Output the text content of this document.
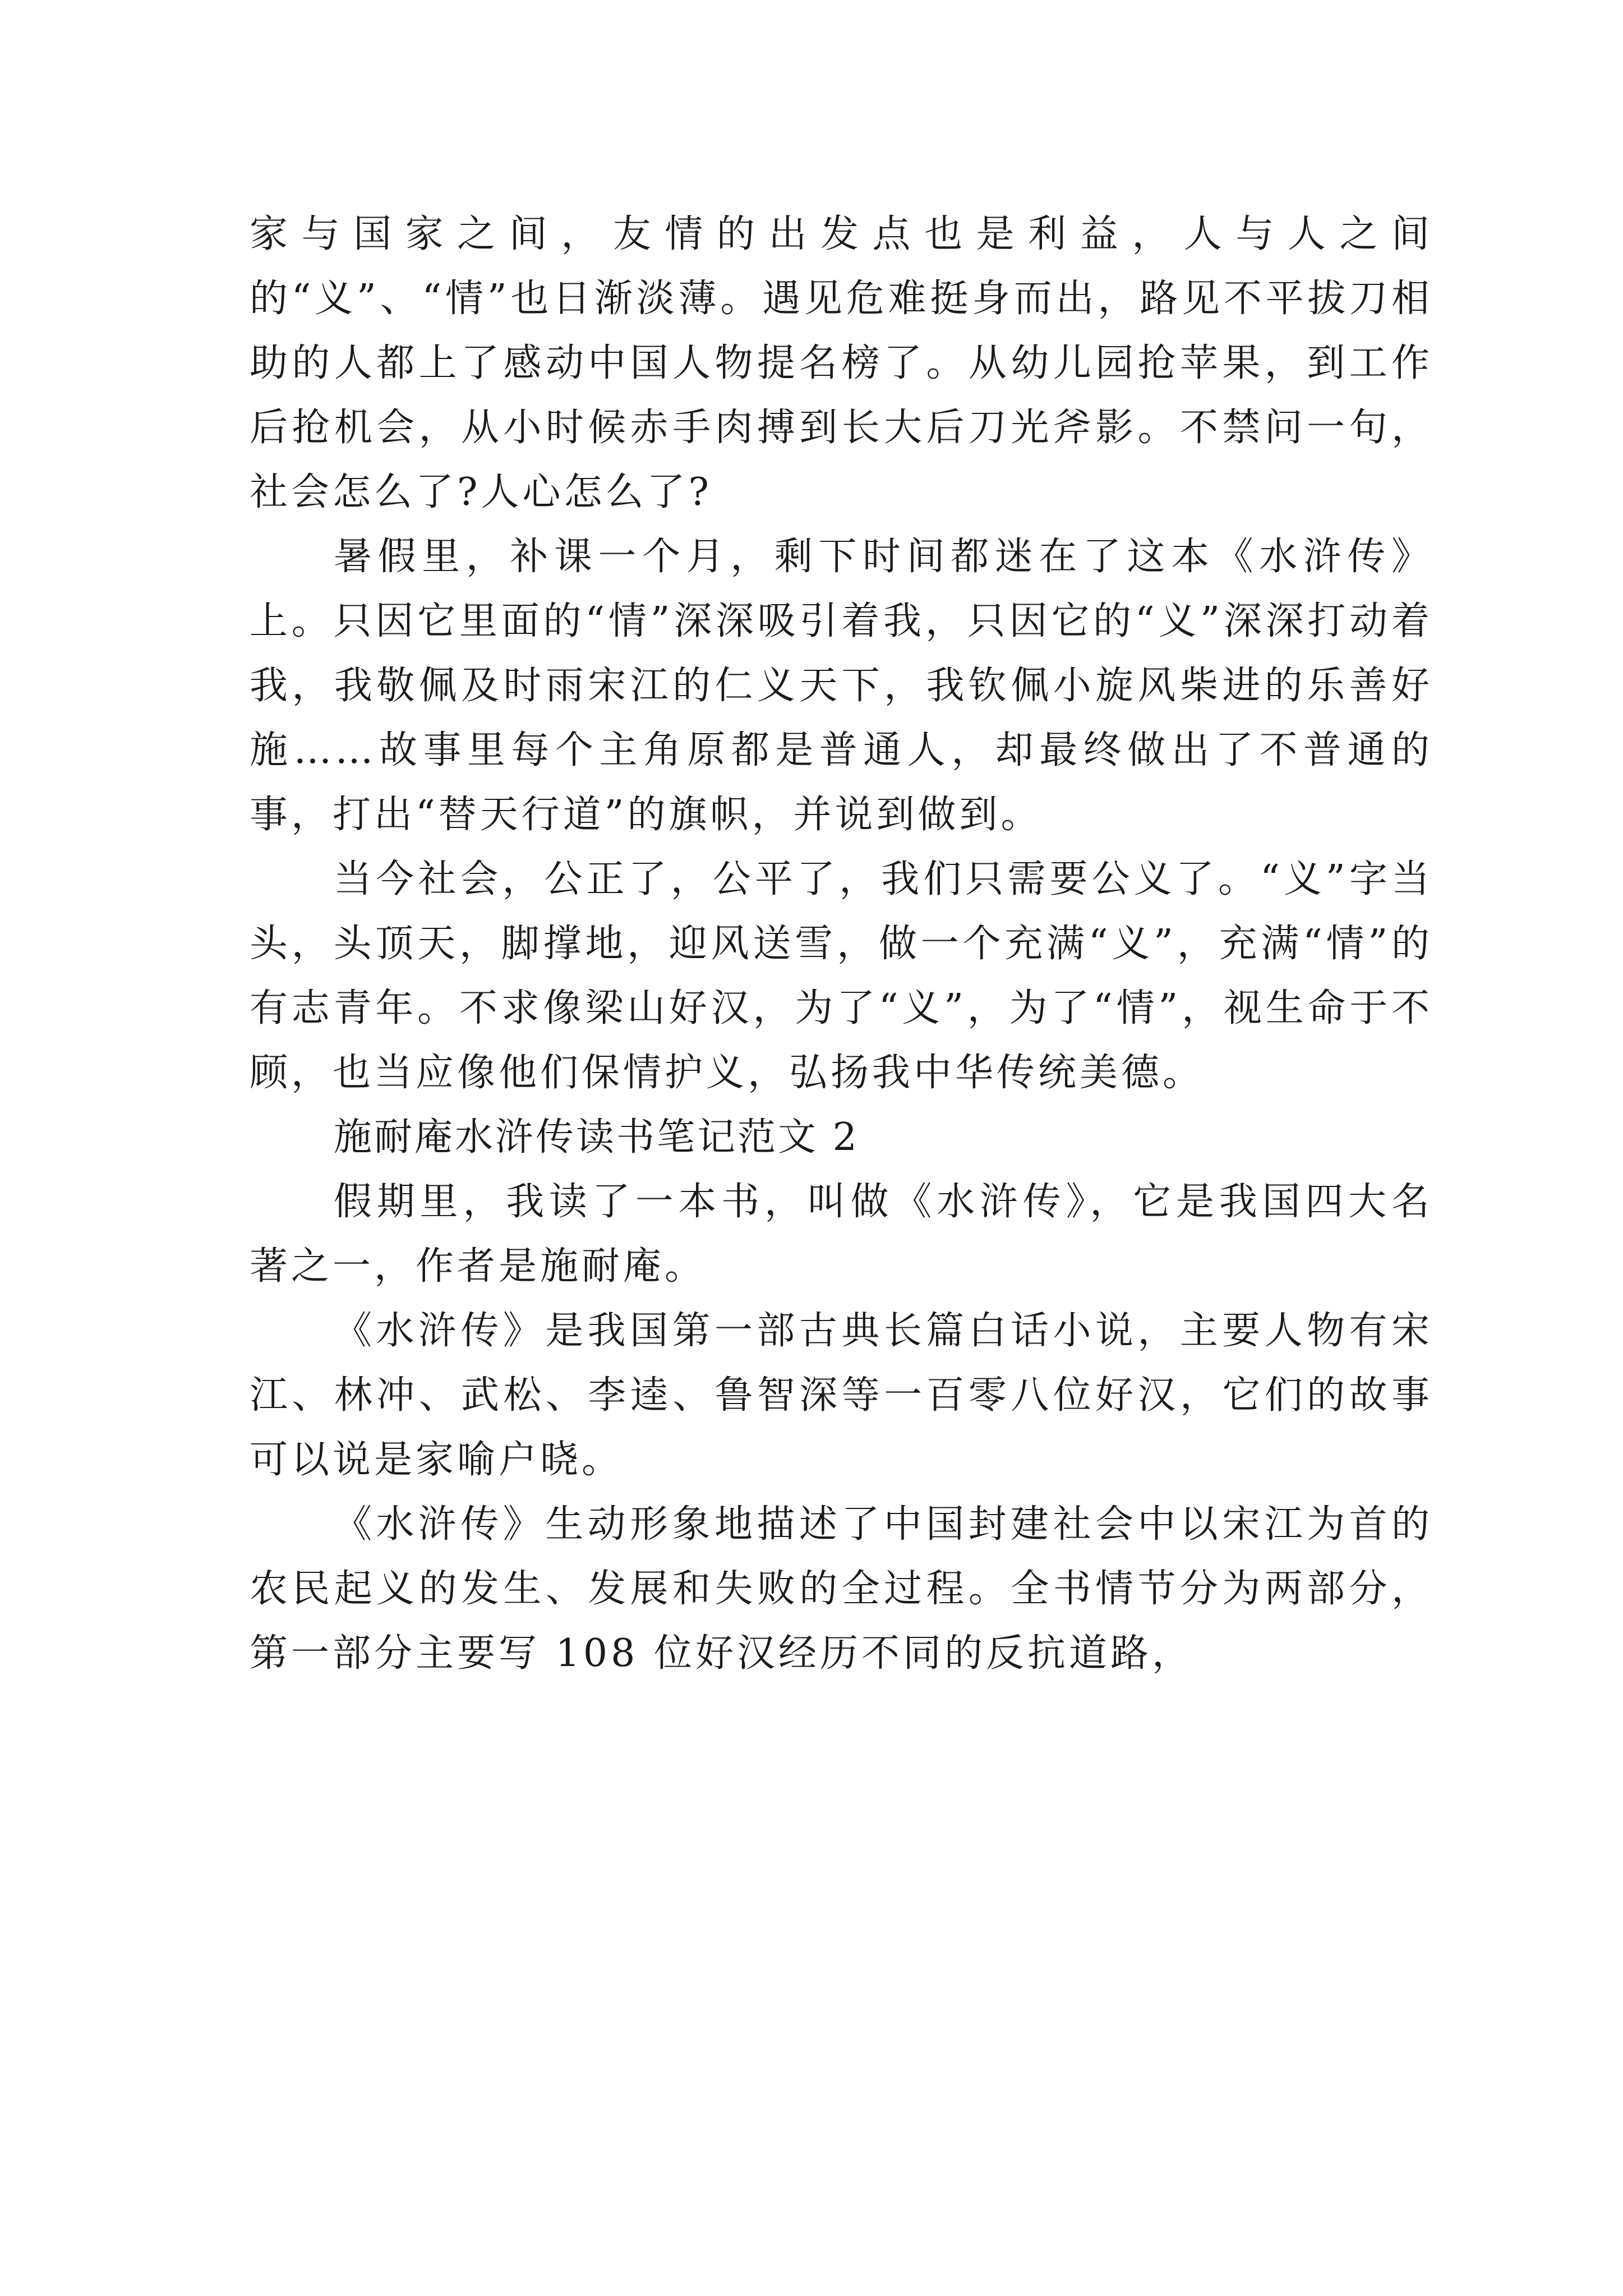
家与国家之间，友情的出发点也是利益，人与人之间的“义”、“情”也日渐淡薄。遇见危难挺身而出，路见不平拔刀相助的人都上了感动中国人物提名榜了。从幼儿园抢苹果，到工作后抢机会，从小时候赤手肉搏到长大后刀光斧影。不禁问一句，社会怎么了?人心怎么了?

暑假里，补课一个月，剩下时间都迷在了这本《水浒传》上。只因它里面的“情”深深吸引着我，只因它的“义”深深打动着我，我敬佩及时雨宋江的仁义天下，我钦佩小旋风柴进的乐善好施……故事里每个主角原都是普通人，却最终做出了不普通的事，打出“替天行道”的旗帜，并说到做到。

当今社会，公正了，公平了，我们只需要公义了。“义”字当头，头顶天，脚撑地，迎风送雪，做一个充满“义”，充满“情”的有志青年。不求像梁山好汉，为了“义”，为了“情”，视生命于不顾，也当应像他们保情护义，弘扬我中华传统美德。

施耐庵水浒传读书笔记范文 2

假期里，我读了一本书，叫做《水浒传》，它是我国四大名著之一，作者是施耐庵。

《水浒传》是我国第一部古典长篇白话小说，主要人物有宋江、林冲、武松、李逵、鲁智深等一百零八位好汉，它们的故事可以说是家喻户晓。

《水浒传》生动形象地描述了中国封建社会中以宋江为首的农民起义的发生、发展和失败的全过程。全书情节分为两部分，第一部分主要写 108 位好汉经历不同的反抗道路，
